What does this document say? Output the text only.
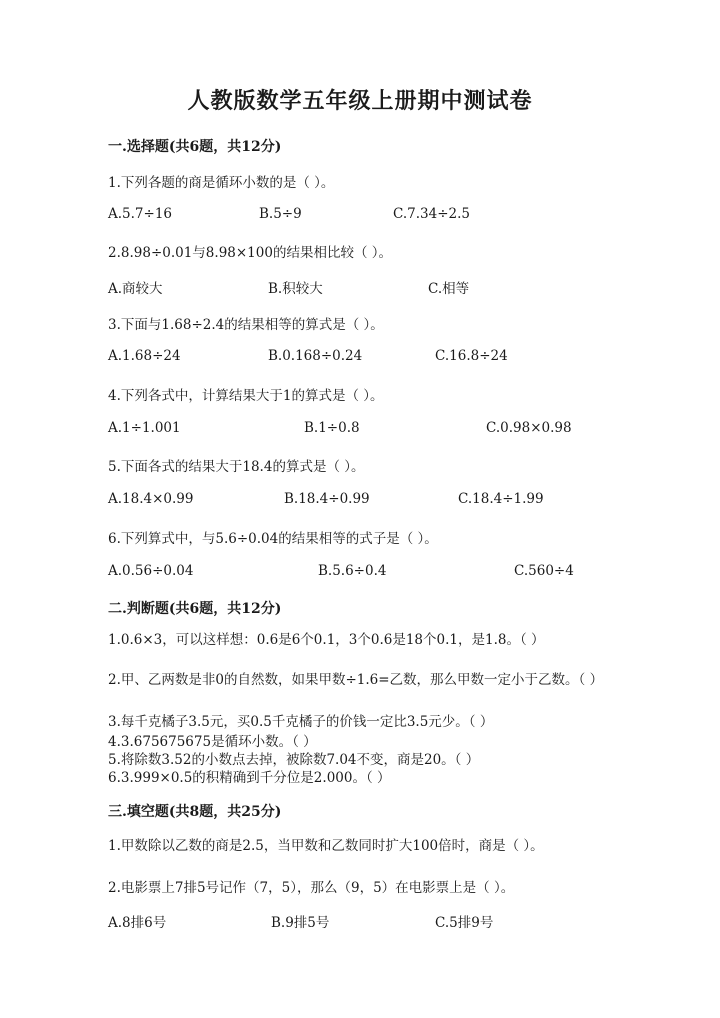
人教版数学五年级上册期中测试卷
一.选择题(共6题，共12分)
1.下列各题的商是循环小数的是（ ）。
A.5.7÷16	B.5÷9	C.7.34÷2.5
2.8.98÷0.01与8.98×100的结果相比较（ ）。
A.商较大	B.积较大	C.相等
3.下面与1.68÷2.4的结果相等的算式是（ ）。
A.1.68÷24	B.0.168÷0.24	C.16.8÷24
4.下列各式中，计算结果大于1的算式是（ ）。
A.1÷1.001	B.1÷0.8	C.0.98×0.98
5.下面各式的结果大于18.4的算式是（ ）。
A.18.4×0.99	B.18.4÷0.99	C.18.4÷1.99
6.下列算式中，与5.6÷0.04的结果相等的式子是（ ）。
A.0.56÷0.04	B.5.6÷0.4	C.560÷4
二.判断题(共6题，共12分)
1.0.6×3，可以这样想：0.6是6个0.1，3个0.6是18个0.1，是1.8。（ ）
2.甲、乙两数是非0的自然数，如果甲数÷1.6=乙数，那么甲数一定小于乙数。（ ）
3.每千克橘子3.5元，买0.5千克橘子的价钱一定比3.5元少。（ ）
4.3.675675675是循环小数。（ ）
5.将除数3.52的小数点去掉，被除数7.04不变，商是20。（ ）
6.3.999×0.5的积精确到千分位是2.000。（ ）
三.填空题(共8题，共25分)
1.甲数除以乙数的商是2.5，当甲数和乙数同时扩大100倍时，商是（ ）。
2.电影票上7排5号记作（7，5），那么（9，5）在电影票上是（ ）。
A.8排6号	B.9排5号	C.5排9号
